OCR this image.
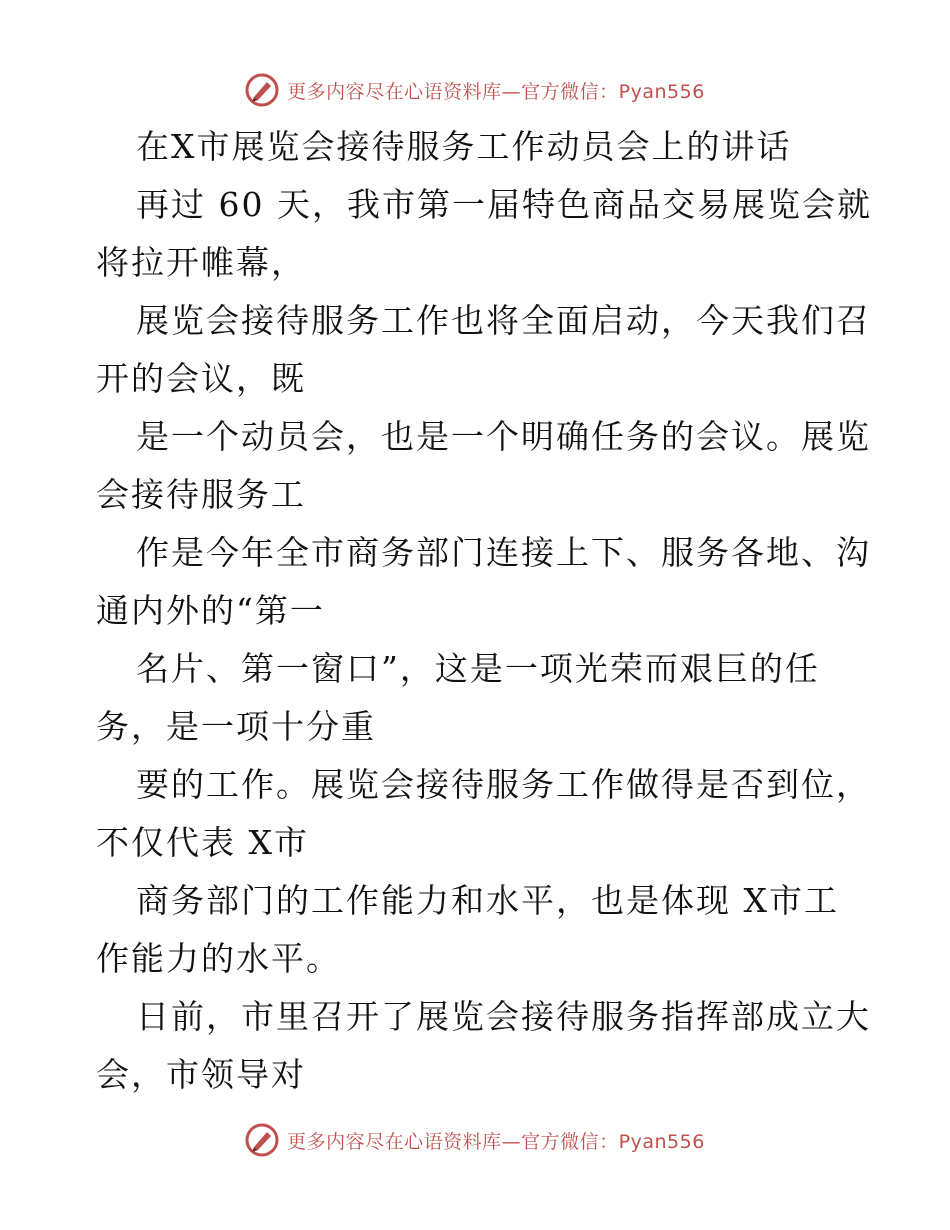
更多内容尽在心语资料库—官方微信：Pyan556
在X市展览会接待服务工作动员会上的讲话
再过 60 天，我市第一届特色商品交易展览会就
将拉开帷幕，
展览会接待服务工作也将全面启动，今天我们召
开的会议，既
是一个动员会，也是一个明确任务的会议。展览
会接待服务工
作是今年全市商务部门连接上下、服务各地、沟
通内外的“第一
名片、第一窗口”，这是一项光荣而艰巨的任
务，是一项十分重
要的工作。展览会接待服务工作做得是否到位，
不仅代表 X市
商务部门的工作能力和水平，也是体现 X市工
作能力的水平。
日前，市里召开了展览会接待服务指挥部成立大
会，市领导对
更多内容尽在心语资料库—官方微信：Pyan556
